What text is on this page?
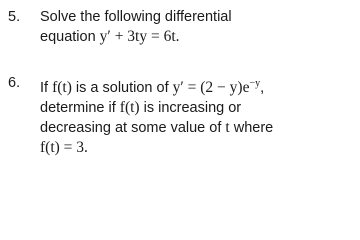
5.	Solve the following differential
equation y′ + 3ty = 6t.
6.	If f(t) is a solution of $y' = (2 - y)e^{-y}$,
determine if f(t) is increasing or
decreasing at some value of t where
f(t) = 3.
